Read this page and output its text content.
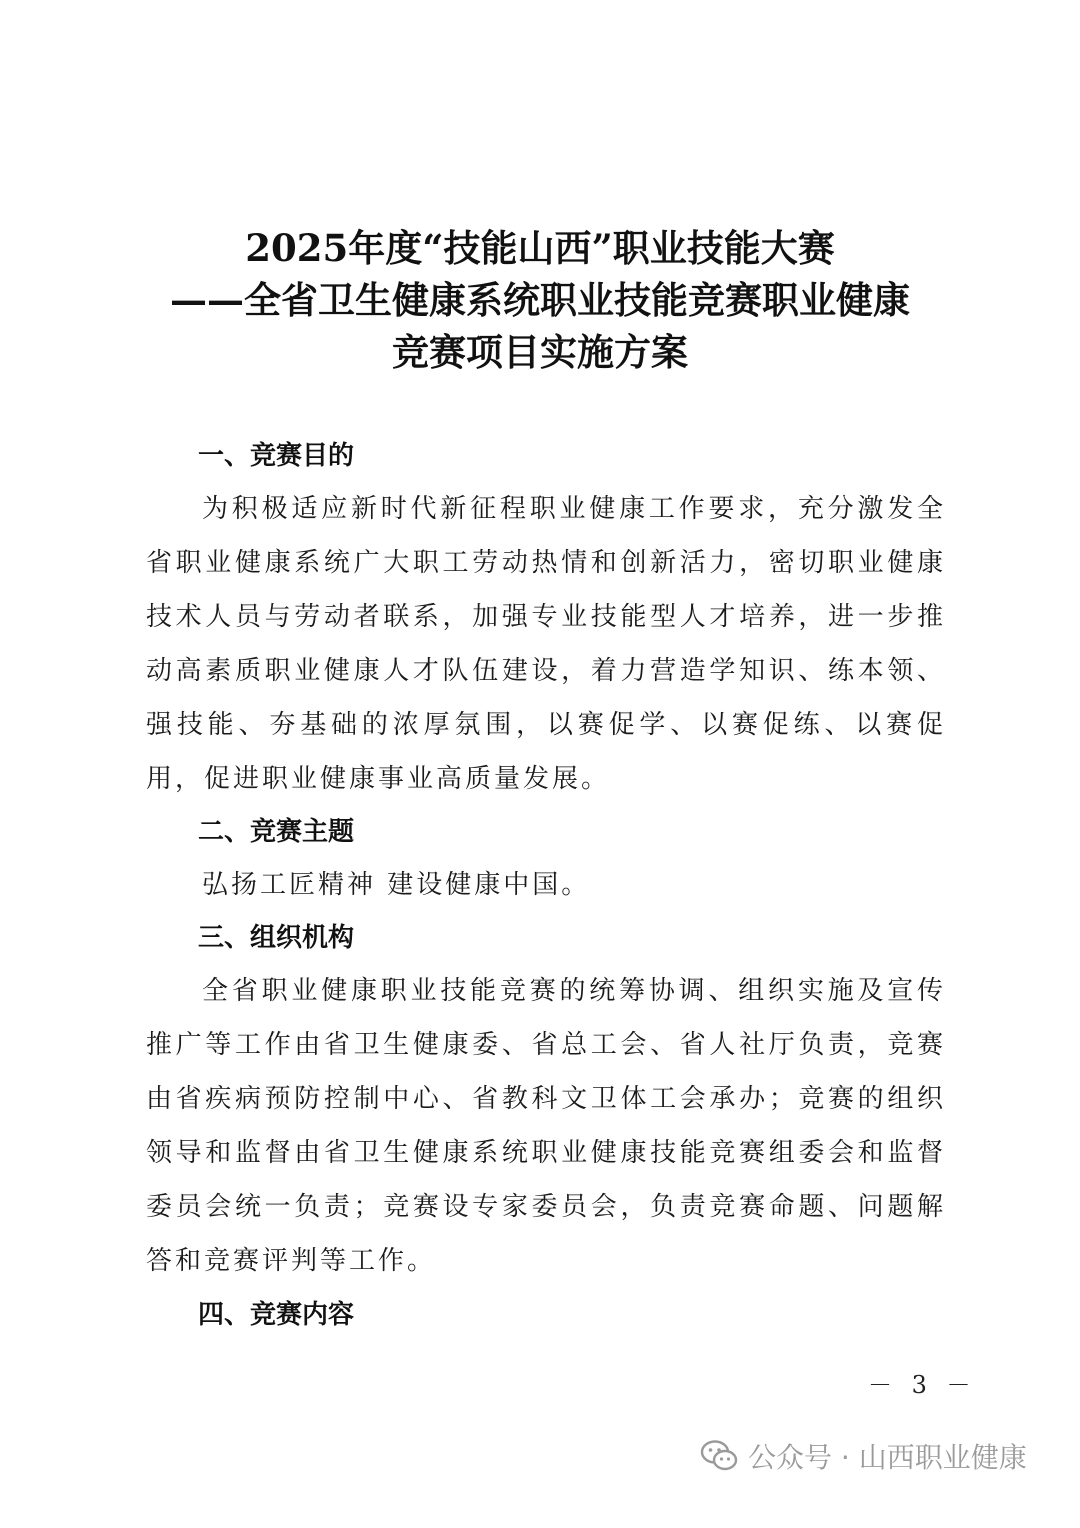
2025年度“技能山西”职业技能大赛
——全省卫生健康系统职业技能竞赛职业健康
竞赛项目实施方案
一、竞赛目的
为积极适应新时代新征程职业健康工作要求，充分激发全省职业健康系统广大职工劳动热情和创新活力，密切职业健康技术人员与劳动者联系，加强专业技能型人才培养，进一步推动高素质职业健康人才队伍建设，着力营造学知识、练本领、强技能、夯基础的浓厚氛围，以赛促学、以赛促练、以赛促用，促进职业健康事业高质量发展。
二、竞赛主题
弘扬工匠精神 建设健康中国。
三、组织机构
全省职业健康职业技能竞赛的统筹协调、组织实施及宣传推广等工作由省卫生健康委、省总工会、省人社厅负责，竞赛由省疾病预防控制中心、省教科文卫体工会承办；竞赛的组织领导和监督由省卫生健康系统职业健康技能竞赛组委会和监督委员会统一负责；竞赛设专家委员会，负责竞赛命题、问题解答和竞赛评判等工作。
四、竞赛内容
－ 3 －
公众号 · 山西职业健康
